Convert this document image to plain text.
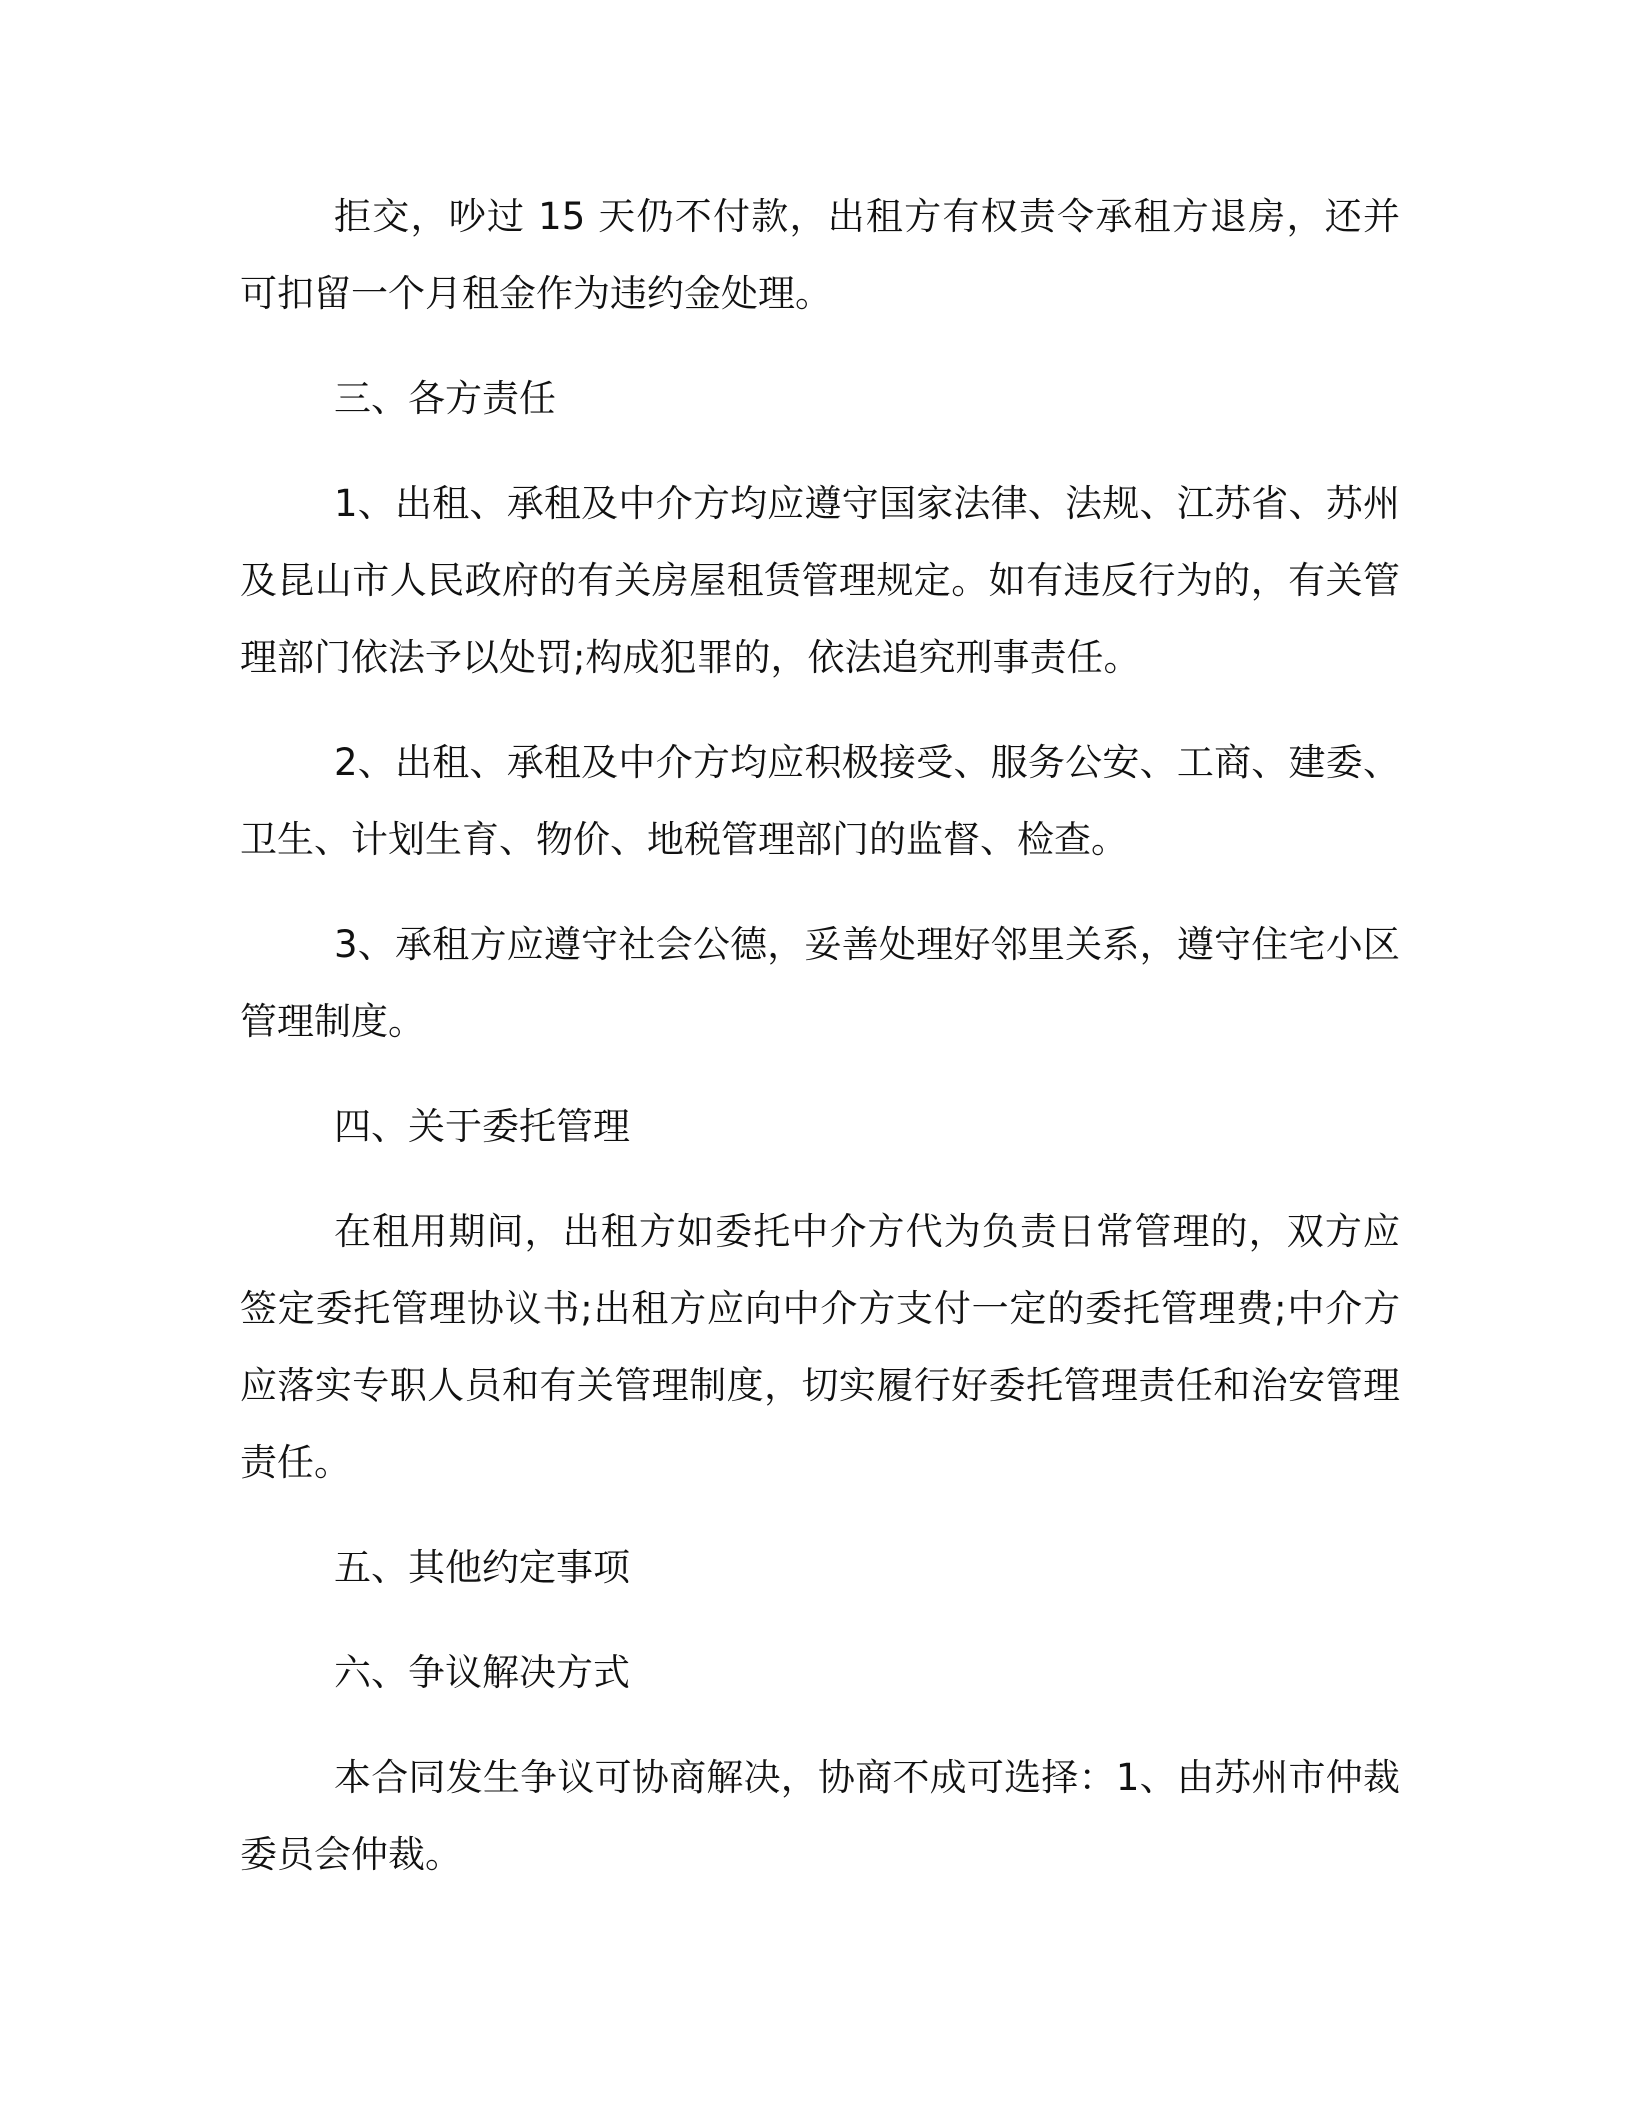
拒交，吵过 15 天仍不付款，出租方有权责令承租方退房，还并可扣留一个月租金作为违约金处理。

三、各方责任

1、出租、承租及中介方均应遵守国家法律、法规、江苏省、苏州及昆山市人民政府的有关房屋租赁管理规定。如有违反行为的，有关管理部门依法予以处罚;构成犯罪的，依法追究刑事责任。

2、出租、承租及中介方均应积极接受、服务公安、工商、建委、卫生、计划生育、物价、地税管理部门的监督、检查。

3、承租方应遵守社会公德，妥善处理好邻里关系，遵守住宅小区管理制度。

四、关于委托管理

在租用期间，出租方如委托中介方代为负责日常管理的，双方应签定委托管理协议书;出租方应向中介方支付一定的委托管理费;中介方应落实专职人员和有关管理制度，切实履行好委托管理责任和治安管理责任。

五、其他约定事项

六、争议解决方式

本合同发生争议可协商解决，协商不成可选择：1、由苏州市仲裁委员会仲裁。
